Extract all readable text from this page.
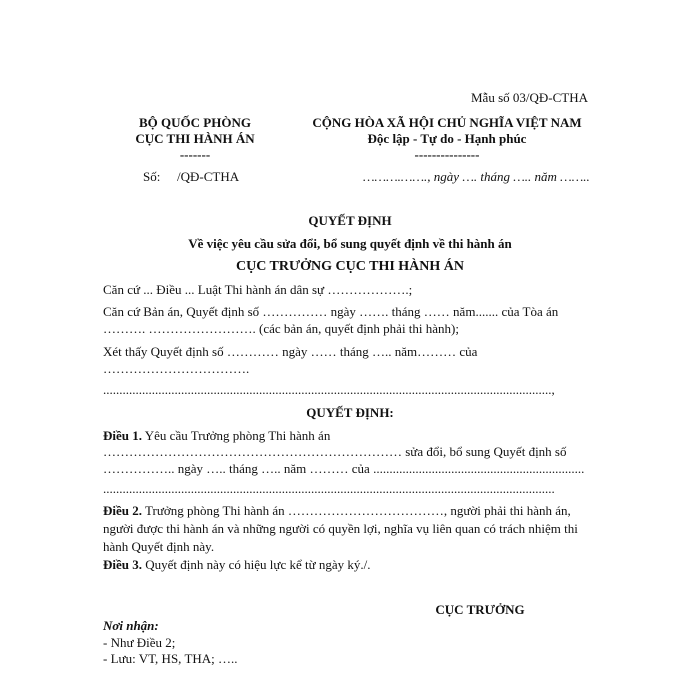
Mẫu số 03/QĐ-CTHA
BỘ QUỐC PHÒNG
CỤC THI HÀNH ÁN
-------
Số: /QĐ-CTHA
CỘNG HÒA XÃ HỘI CHỦ NGHĨA VIỆT NAM
Độc lập - Tự do - Hạnh phúc
---------------
……….……., ngày …. tháng ….. năm ……..
QUYẾT ĐỊNH
Về việc yêu cầu sửa đổi, bổ sung quyết định về thi hành án
CỤC TRƯỞNG CỤC THI HÀNH ÁN
Căn cứ ... Điều ... Luật Thi hành án dân sự ……………….;
Căn cứ Bản án, Quyết định số …………… ngày ……. tháng …… năm....... của Tòa án
………. ……………………. (các bản án, quyết định phải thi hành);
Xét thấy Quyết định số ………… ngày …… tháng ….. năm……… của
…………………………….
..........................................................................................................................................,
QUYẾT ĐỊNH:
Điều 1. Yêu cầu Trưởng phòng Thi hành án
…………………………………………………………… sửa đổi, bổ sung Quyết định số
…………….. ngày ….. tháng ….. năm ……… của .................................................................
...........................................................................................................................................
Điều 2. Trưởng phòng Thi hành án ………………………………, người phải thi hành án, người được thi hành án và những người có quyền lợi, nghĩa vụ liên quan có trách nhiệm thi hành Quyết định này.
Điều 3. Quyết định này có hiệu lực kể từ ngày ký./.
CỤC TRƯỞNG
Nơi nhận:
- Như Điều 2;
- Lưu: VT, HS, THA; …..
